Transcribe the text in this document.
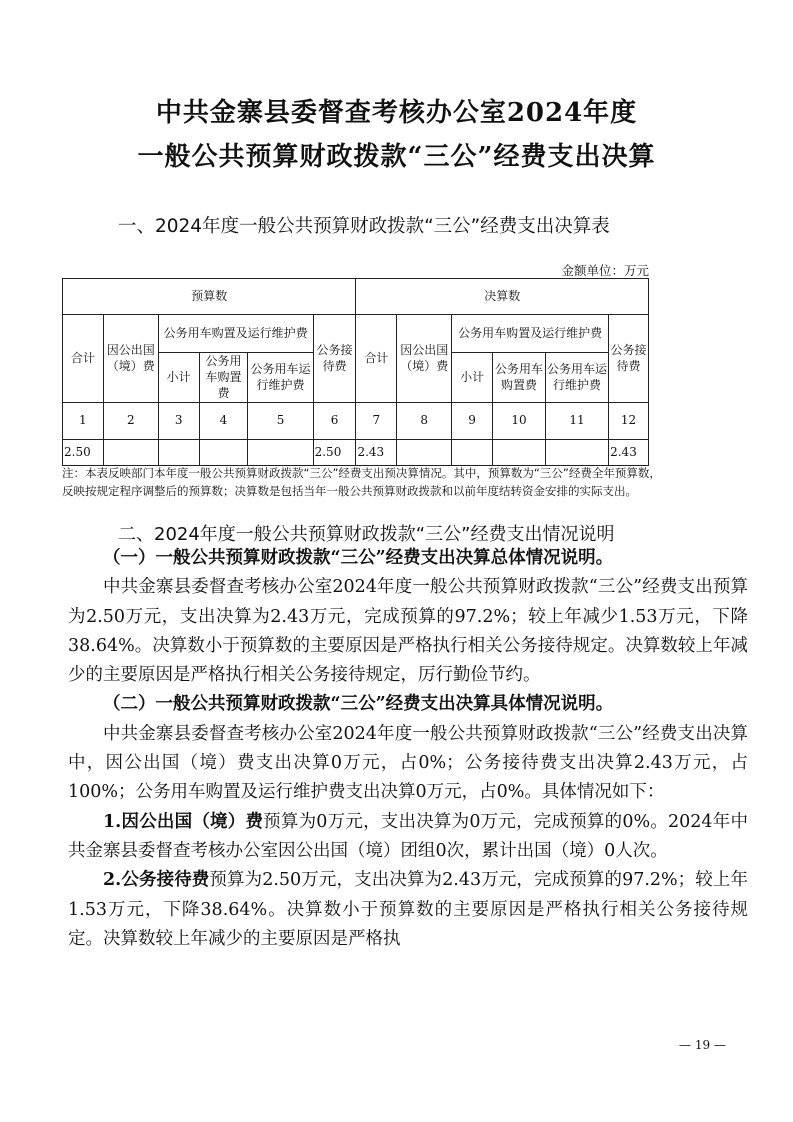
中共金寨县委督查考核办公室2024年度
一般公共预算财政拨款“三公”经费支出决算
一、2024年度一般公共预算财政拨款“三公”经费支出决算表
金额单位：万元
预算数						决算数					
合计	因公出国（境）费	公务用车购置及运行维护费			公务接待费	合计	因公出国（境）费	公务用车购置及运行维护费			公务接待费
		小计	公务用车购置费	公务用车运行维护费				小计	公务用车购置费	公务用车运行维护费	
1	2	3	4	5	6	7	8	9	10	11	12
2.50					2.50	2.43					2.43
注：本表反映部门本年度一般公共预算财政拨款“三公”经费支出预决算情况。其中，预算数为“三公”经费全年预算数，反映按规定程序调整后的预算数；决算数是包括当年一般公共预算财政拨款和以前年度结转资金安排的实际支出。
二、2024年度一般公共预算财政拨款“三公”经费支出情况说明

（一）一般公共预算财政拨款“三公”经费支出决算总体情况说明。

中共金寨县委督查考核办公室2024年度一般公共预算财政拨款“三公”经费支出预算为2.50万元，支出决算为2.43万元，完成预算的97.2%；较上年减少1.53万元，下降38.64%。决算数小于预算数的主要原因是严格执行相关公务接待规定。决算数较上年减少的主要原因是严格执行相关公务接待规定，厉行勤俭节约。

（二）一般公共预算财政拨款“三公”经费支出决算具体情况说明。

中共金寨县委督查考核办公室2024年度一般公共预算财政拨款“三公”经费支出决算中，因公出国（境）费支出决算0万元，占0%；公务接待费支出决算2.43万元，占100%；公务用车购置及运行维护费支出决算0万元，占0%。具体情况如下：

1.因公出国（境）费预算为0万元，支出决算为0万元，完成预算的0%。2024年中共金寨县委督查考核办公室因公出国（境）团组0次，累计出国（境）0人次。

2.公务接待费预算为2.50万元，支出决算为2.43万元，完成预算的97.2%；较上年1.53万元，下降38.64%。决算数小于预算数的主要原因是严格执行相关公务接待规定。决算数较上年减少的主要原因是严格执

— 19 —
